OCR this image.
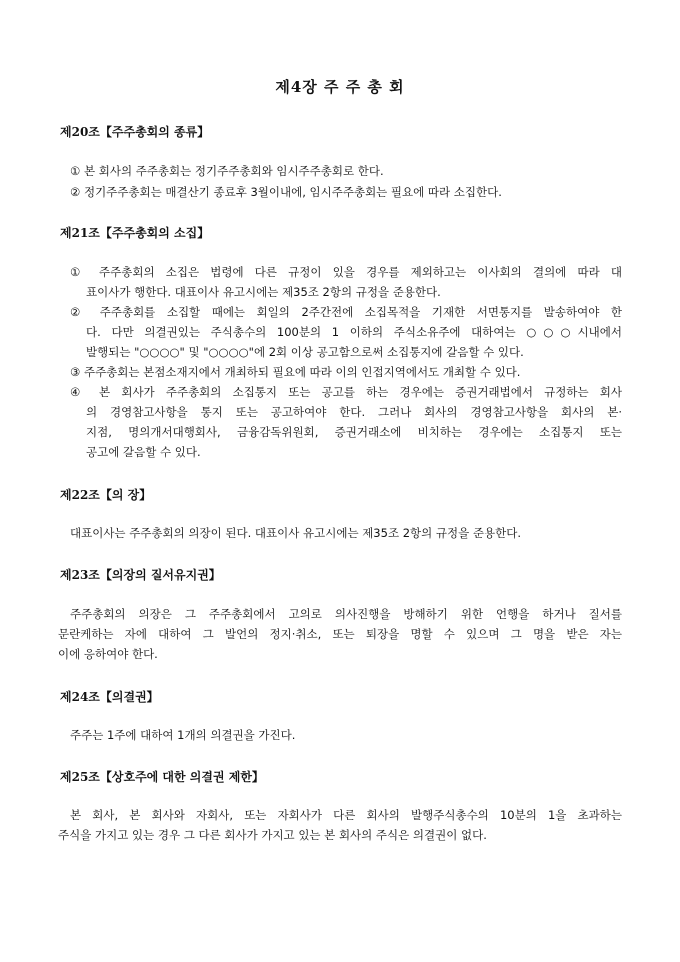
제4장 주 주 총 회
제20조【주주총회의 종류】
① 본 회사의 주주총회는 정기주주총회와 임시주주총회로 한다.
② 정기주주총회는 매결산기 종료후 3월이내에, 임시주주총회는 필요에 따라 소집한다.
제21조【주주총회의 소집】
① 주주총회의 소집은 법령에 다른 규정이 있을 경우를 제외하고는 이사회의 결의에 따라 대
표이사가 행한다. 대표이사 유고시에는 제35조 2항의 규정을 준용한다.
② 주주총회를 소집할 때에는 회일의 2주간전에 소집목적을 기재한 서면통지를 발송하여야 한
다. 다만 의결권있는 주식총수의 100분의 1 이하의 주식소유주에 대하여는 ○○○시내에서
발행되는 "○○○○" 및 "○○○○"에 2회 이상 공고함으로써 소집통지에 갈음할 수 있다.
③ 주주총회는 본점소재지에서 개최하되 필요에 따라 이의 인접지역에서도 개최할 수 있다.
④ 본 회사가 주주총회의 소집통지 또는 공고를 하는 경우에는 증권거래법에서 규정하는 회사
의 경영참고사항을 통지 또는 공고하여야 한다. 그러나 회사의 경영참고사항을 회사의 본·
지점, 명의개서대행회사, 금융감독위원회, 증권거래소에 비치하는 경우에는 소집통지 또는
공고에 갈음할 수 있다.
제22조【의 장】
대표이사는 주주총회의 의장이 된다. 대표이사 유고시에는 제35조 2항의 규정을 준용한다.
제23조【의장의 질서유지권】
주주총회의 의장은 그 주주총회에서 고의로 의사진행을 방해하기 위한 언행을 하거나 질서를
문란케하는 자에 대하여 그 발언의 정지·취소, 또는 퇴장을 명할 수 있으며 그 명을 받은 자는
이에 응하여야 한다.
제24조【의결권】
주주는 1주에 대하여 1개의 의결권을 가진다.
제25조【상호주에 대한 의결권 제한】
본 회사, 본 회사와 자회사, 또는 자회사가 다른 회사의 발행주식총수의 10분의 1을 초과하는
주식을 가지고 있는 경우 그 다른 회사가 가지고 있는 본 회사의 주식은 의결권이 없다.
